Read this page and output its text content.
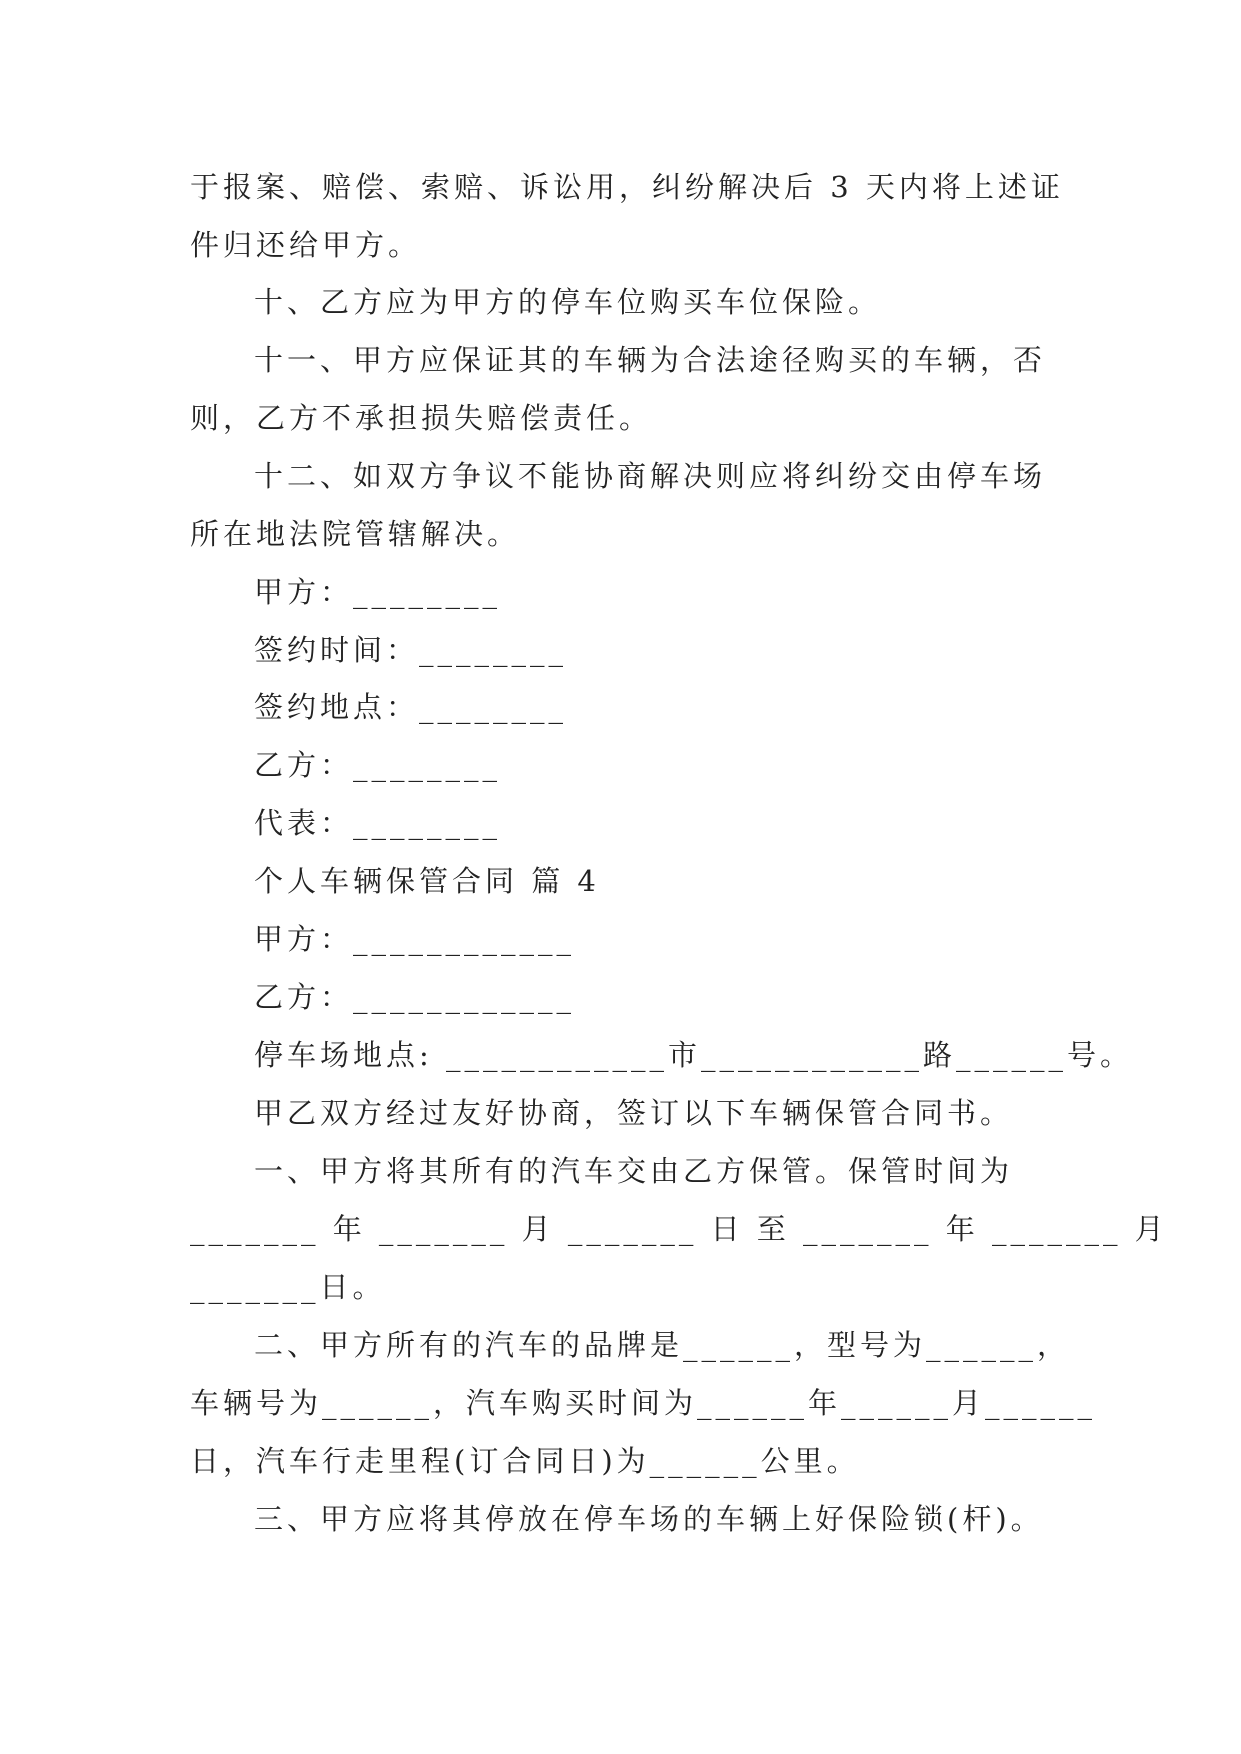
于报案、赔偿、索赔、诉讼用，纠纷解决后 3 天内将上述证
件归还给甲方。
十、乙方应为甲方的停车位购买车位保险。
十一、甲方应保证其的车辆为合法途径购买的车辆，否
则，乙方不承担损失赔偿责任。
十二、如双方争议不能协商解决则应将纠纷交由停车场
所在地法院管辖解决。
甲方：________
签约时间：________
签约地点：________
乙方：________
代表：________
个人车辆保管合同 篇 4
甲方：____________
乙方：____________
停车场地点: ____________市____________路______号。
甲乙双方经过友好协商，签订以下车辆保管合同书。
一、甲方将其所有的汽车交由乙方保管。保管时间为
_______ 年 _______ 月 _______ 日 至 _______ 年 _______ 月
_______日。
二、甲方所有的汽车的品牌是______，型号为______，
车辆号为______，汽车购买时间为______年______月______
日，汽车行走里程(订合同日)为______公里。
三、甲方应将其停放在停车场的车辆上好保险锁(杆)。
